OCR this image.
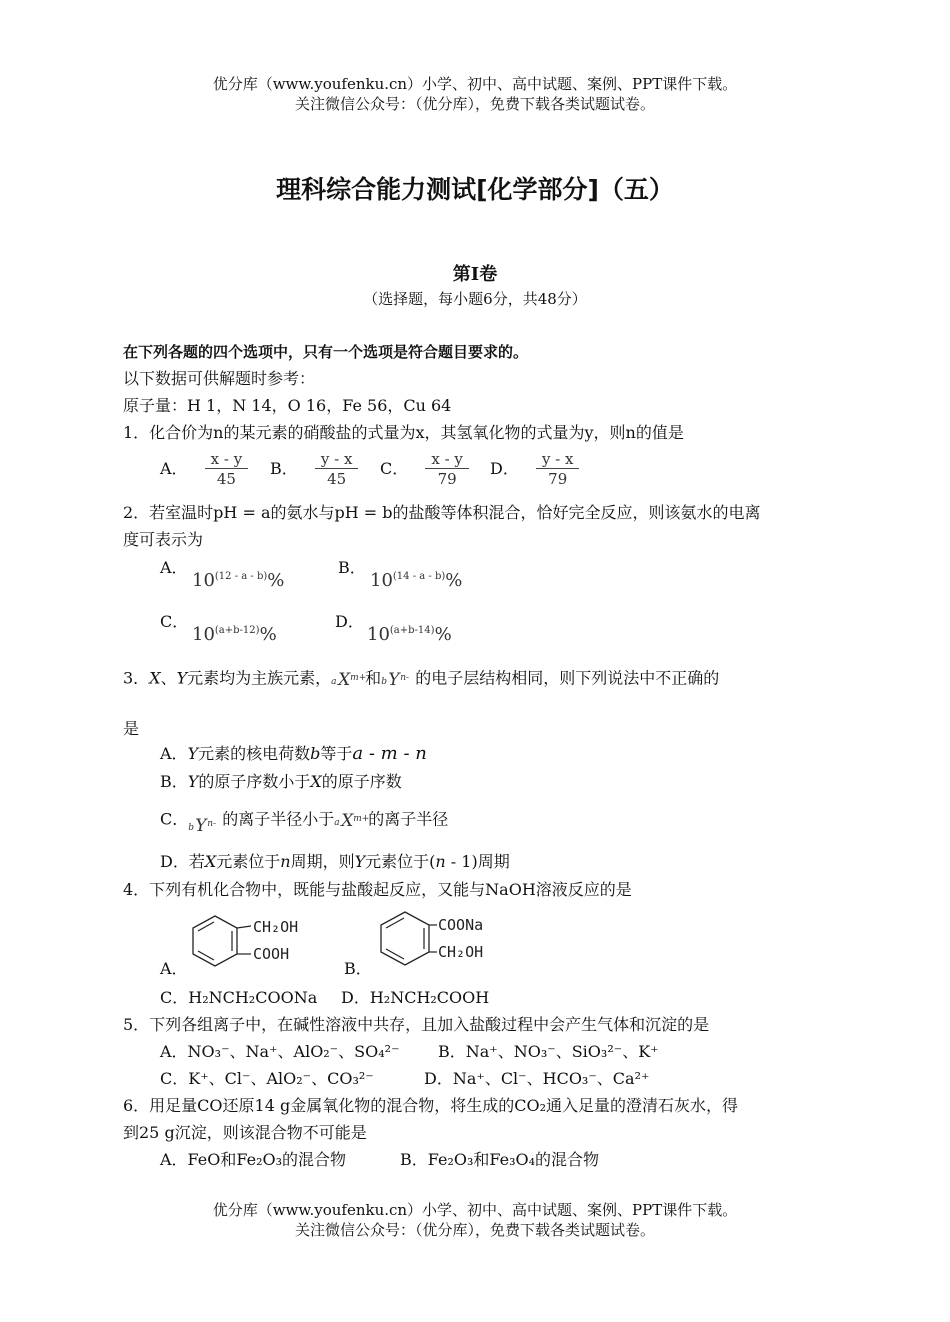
优分库（www.youfenku.cn）小学、初中、高中试题、案例、PPT课件下载。
关注微信公众号：（优分库），免费下载各类试题试卷。
理科综合能力测试[化学部分]（五）
第Ⅰ卷
（选择题，每小题6分，共48分）
在下列各题的四个选项中，只有一个选项是符合题目要求的。
以下数据可供解题时参考：
原子量：H 1，N 14，O 16，Fe 56，Cu 64
1．化合价为n的某元素的硝酸盐的式量为x，其氢氧化物的式量为y，则n的值是
A． $\frac{x - y}{45}$ B． $\frac{y - x}{45}$ C． $\frac{x - y}{79}$ D． $\frac{y - x}{79}$
2．若室温时pH = a的氨水与pH = b的盐酸等体积混合，恰好完全反应，则该氨水的电离
度可表示为
A．
10$^{(12 - a - b)}$%
B．
10$^{(14 - a - b)}$%
C．
$10^{(a+b-12)}\%$
D．
$10^{(a+b-14)}\%$
3．X、Y元素均为主族元素， a X m+
和 b Y n- 的电子层结构相同，则下列说法中不正确的
是
A．Y元素的核电荷数b等于a - m - n
B．Y的原子序数小于X的原子序数
C． b Y n- 的离子半径小于 a X m+
的离子半径
D．若X元素位于n周期，则Y元素位于(n - 1)周期
4．下列有机化合物中，既能与盐酸起反应，又能与NaOH溶液反应的是
A．
CH₂OH
COOH
B．
COONa
CH₂OH
C．H₂NCH₂COONa D．H₂NCH₂COOH
5．下列各组离子中，在碱性溶液中共存，且加入盐酸过程中会产生气体和沉淀的是
A．NO₃⁻、Na⁺、AlO₂⁻、SO₄²⁻ B．Na⁺、NO₃⁻、SiO₃²⁻、K⁺
C．K⁺、Cl⁻、AlO₂⁻、CO₃²⁻	D．Na⁺、Cl⁻、HCO₃⁻、Ca²⁺
6．用足量CO还原14 g金属氧化物的混合物，将生成的CO₂通入足量的澄清石灰水，得
到25 g沉淀，则该混合物不可能是
A．FeO和Fe₂O₃的混合物	B．Fe₂O₃和Fe₃O₄的混合物
优分库（www.youfenku.cn）小学、初中、高中试题、案例、PPT课件下载。
关注微信公众号：（优分库），免费下载各类试题试卷。
